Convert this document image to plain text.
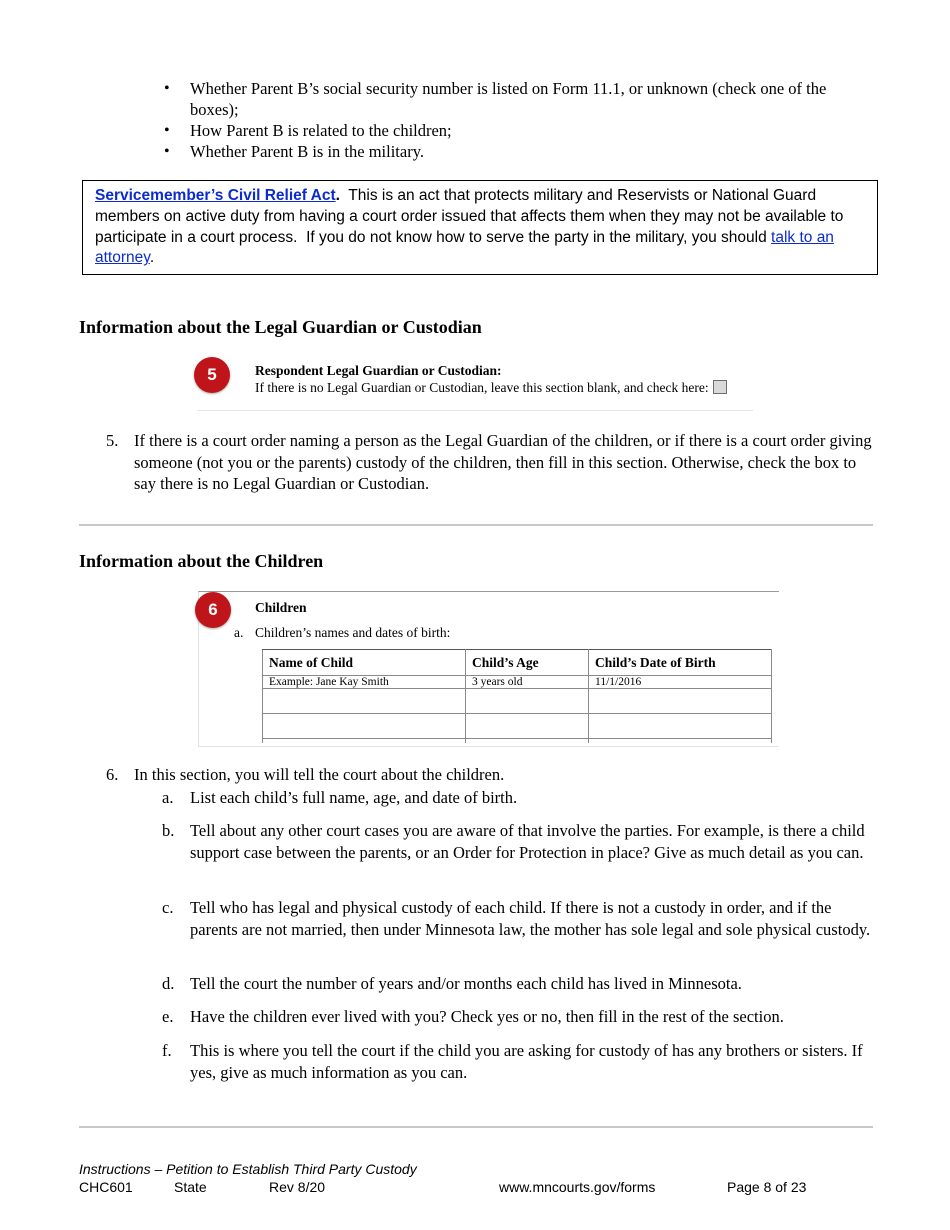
• Whether Parent B’s social security number is listed on Form 11.1, or unknown (check one of the boxes);
• How Parent B is related to the children;
• Whether Parent B is in the military.
Servicemember’s Civil Relief Act.  This is an act that protects military and Reservists or National Guard members on active duty from having a court order issued that affects them when they may not be available to participate in a court process.  If you do not know how to serve the party in the military, you should talk to an attorney.
Information about the Legal Guardian or Custodian
5	Respondent Legal Guardian or Custodian:
If there is no Legal Guardian or Custodian, leave this section blank, and check here:
5. If there is a court order naming a person as the Legal Guardian of the children, or if there is a court order giving someone (not you or the parents) custody of the children, then fill in this section. Otherwise, check the box to say there is no Legal Guardian or Custodian.
Information about the Children
6	Children
a. Children’s names and dates of birth:
Name of Child	Child’s Age	Child’s Date of Birth
Example: Jane Kay Smith	3 years old	11/1/2016

6. In this section, you will tell the court about the children.
a. List each child’s full name, age, and date of birth.
b. Tell about any other court cases you are aware of that involve the parties. For example, is there a child support case between the parents, or an Order for Protection in place? Give as much detail as you can.
c. Tell who has legal and physical custody of each child. If there is not a custody in order, and if the parents are not married, then under Minnesota law, the mother has sole legal and sole physical custody.
d. Tell the court the number of years and/or months each child has lived in Minnesota.
e. Have the children ever lived with you? Check yes or no, then fill in the rest of the section.
f. This is where you tell the court if the child you are asking for custody of has any brothers or sisters. If yes, give as much information as you can.
Instructions – Petition to Establish Third Party Custody
CHC601	State	Rev 8/20	www.mncourts.gov/forms	Page 8 of 23
